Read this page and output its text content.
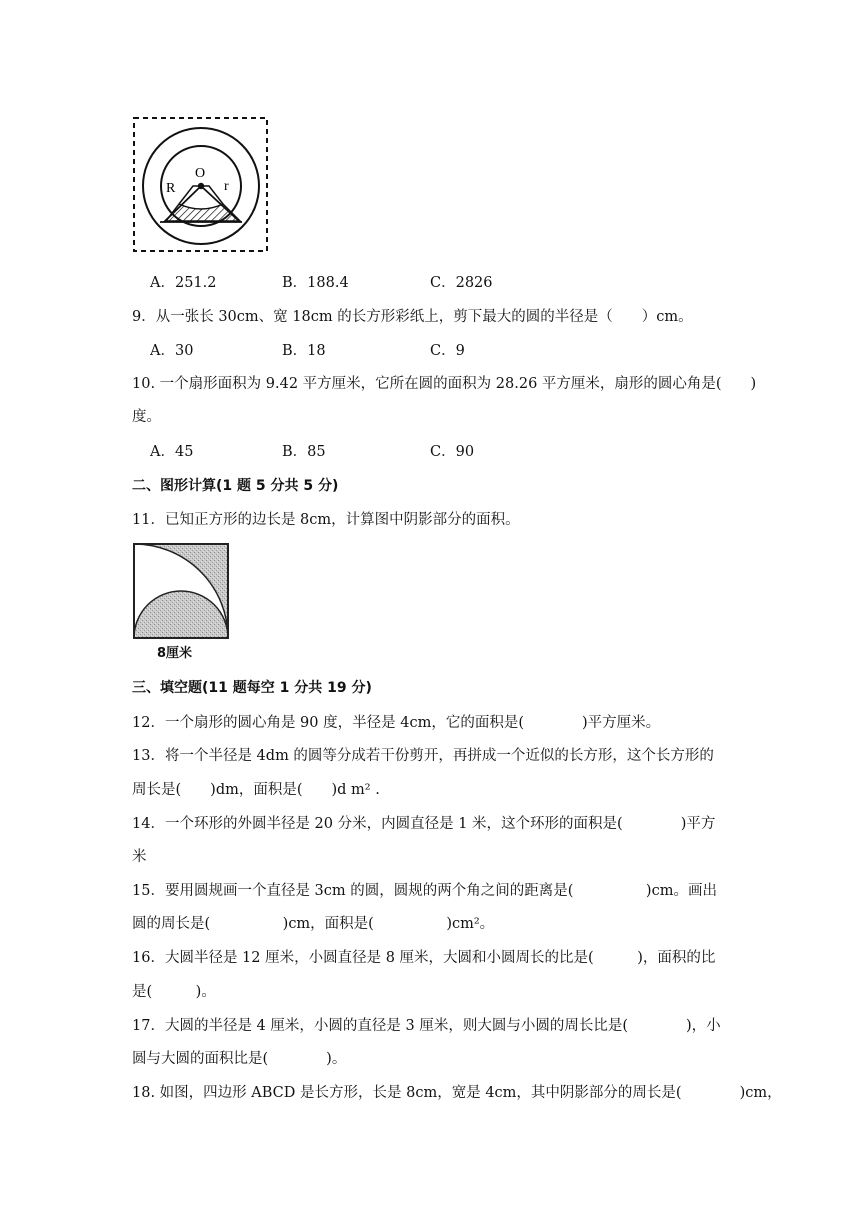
O
R	r
A．251.2	B．188.4	C．2826
9．从一张长 30cm、宽 18cm 的长方形彩纸上，剪下最大的圆的半径是（　　）cm。
A．30	B．18	C．9
10. 一个扇形面积为 9.42 平方厘米，它所在圆的面积为 28.26 平方厘米，扇形的圆心角是(　　)
度。
A．45	B．85	C．90
二、图形计算(1 题 5 分共 5 分)
11．已知正方形的边长是 8cm，计算图中阴影部分的面积。
8厘米
三、填空题(11 题每空 1 分共 19 分)
12．一个扇形的圆心角是 90 度，半径是 4cm，它的面积是(　　　　)平方厘米。
13．将一个半径是 4dm 的圆等分成若干份剪开，再拼成一个近似的长方形，这个长方形的
周长是(　　)dm，面积是(　　)d m² .
14．一个环形的外圆半径是 20 分米，内圆直径是 1 米，这个环形的面积是(　　　　)平方
米
15．要用圆规画一个直径是 3cm 的圆，圆规的两个角之间的距离是(　　　　　)cm。画出
圆的周长是(　　　　　)cm，面积是(　　　　　)cm²。
16．大圆半径是 12 厘米，小圆直径是 8 厘米，大圆和小圆周长的比是(　　　)，面积的比
是(　　　)。
17．大圆的半径是 4 厘米，小圆的直径是 3 厘米，则大圆与小圆的周长比是(　　　　)，小
圆与大圆的面积比是(　　　　)。
18. 如图，四边形 ABCD 是长方形，长是 8cm，宽是 4cm，其中阴影部分的周长是(　　　　)cm，
